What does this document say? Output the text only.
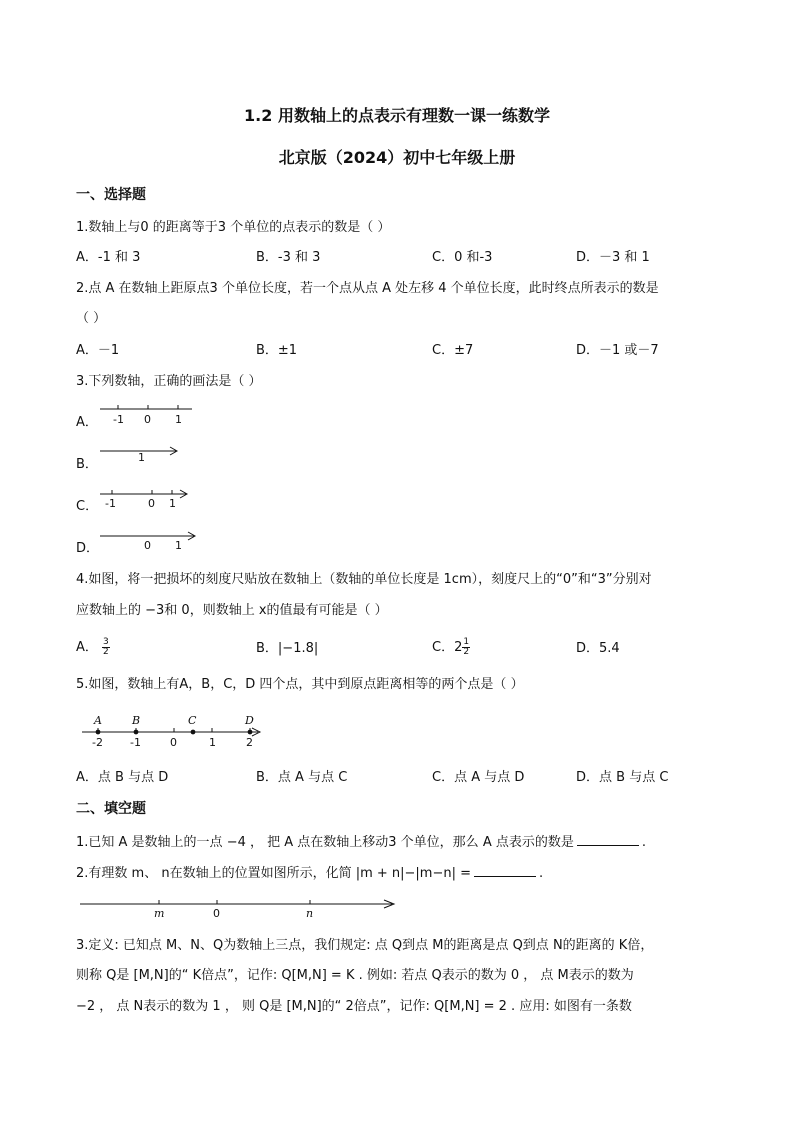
1.2 用数轴上的点表示有理数一课一练数学
北京版（2024）初中七年级上册
一、选择题
1.数轴上与0 的距离等于3 个单位的点表示的数是（ ）
A．-1 和 3	B．-3 和 3	C．0 和-3	D．－3 和 1
2.点 A 在数轴上距原点3 个单位长度，若一个点从点 A 处左移 4 个单位长度，此时终点所表示的数是
（ ）
A．－1	B．±1	C．±7	D．－1 或－7
3.下列数轴，正确的画法是（ ）
A． -1 0 1
B．	1
C． -1	0 1
D．	0 1
4.如图，将一把损坏的刻度尺贴放在数轴上（数轴的单位长度是 1cm），刻度尺上的“0”和“3”分别对
应数轴上的 −3和 0，则数轴上 x的值最有可能是（ ）
A． $\frac{3}{2}$	B．|−1.8|	C．$2 \frac{1}{2}$	D．5.4
5.如图，数轴上有A，B，C，D 四个点，其中到原点距离相等的两个点是（ ）
A	B	C	D
-2 -1	0	1	2
A．点 B 与点 D	B．点 A 与点 C	C．点 A 与点 D	D．点 B 与点 C
二、填空题
1.已知 A 是数轴上的一点 −4 ， 把 A 点在数轴上移动3 个单位，那么 A 点表示的数是	.
2.有理数 m、 n在数轴上的位置如图所示，化简 |m + n|−|m−n| =	.
m	0	n
3.定义: 已知点 M、N、Q为数轴上三点，我们规定: 点 Q到点 M的距离是点 Q到点 N的距离的 K倍，
则称 Q是 [M,N]的“ K倍点”，记作: Q[M,N] = K . 例如: 若点 Q表示的数为 0 ， 点 M表示的数为
−2 ， 点 N表示的数为 1 ， 则 Q是 [M,N]的“ 2倍点”，记作: Q[M,N] = 2 . 应用: 如图有一条数
